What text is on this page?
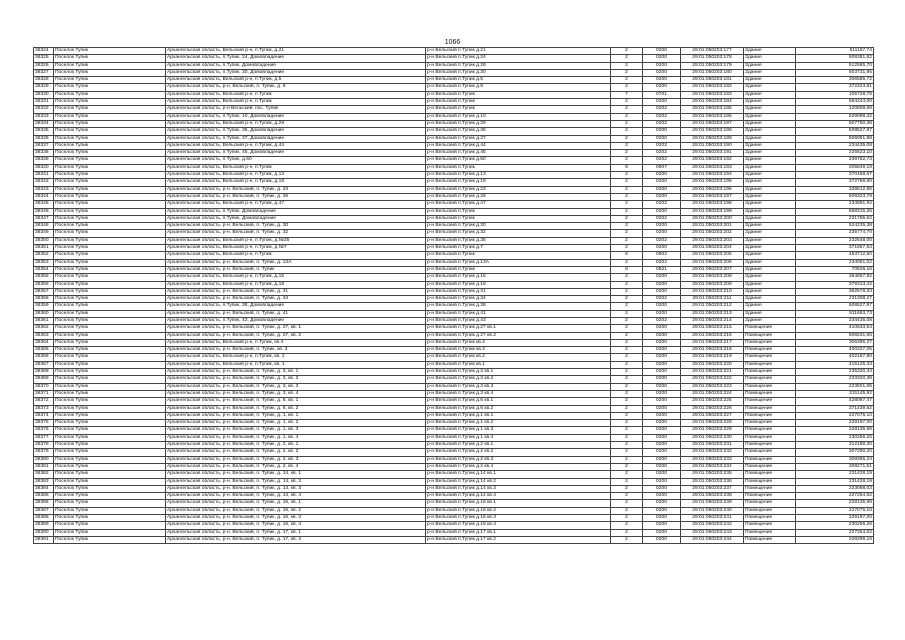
1066
38324	Поселок Тупик	Архангельская область, Вельский р-н, п.Тупик, д.21	р-н Вельский п.Тупик д.21	2	0200	29:01:050203:177	Здание	511187,74
38325	Поселок Тупик	Архангельская область, п.Тупик, 24, Домовладение	р-н Вельский п.Тупик д.24	2	0200	29:01:050203:178	Здание	508391,82
38326	Поселок Тупик	Архангельская область, п.Тупик, Домовладение	р-н Вельский п.Тупик д.28	2	0200	29:01:050203:179	Здание	512585,70
38327	Поселок Тупик	Архангельская область, п.Тупик, 30, Домовладение	р-н Вельский п.Тупик д.30	2	0200	29:01:050203:180	Здание	503731,95
38328	Поселок Тупик	Архангельская область, Вельский р-н, п.Тупик, д.5	р-н Вельский п.Тупик д.5	2	0200	29:01:050203:181	Здание	306585,72
38329	Поселок Тупик	Архангельская область, р-н. Вельский, п. Тупик, д. 9	р-н Вельский п.Тупик д.9	2	0200	29:01:050203:182	Здание	372323,81
38330	Поселок Тупик	Архангельская область, Вельский р-н, п.Тупик	р-н Вельский п.Тупик	7	0701	29:01:050203:183	Здание	105728,79
38331	Поселок Тупик	Архангельская область, Вельский р-н, п.Тупик	р-н Вельский п.Тупик	2	0200	29:01:050203:184	Здание	664244,00
38332	Поселок Тупик	Архангельская область, р-н Вельский, пос. Тупик	р-н Вельский п.Тупик	2	0202	29:01:050203:185	Здание	120808,68
38333	Поселок Тупик	Архангельская область, п.Тупик, 10, Домовладение	р-н Вельский п.Тупик д.10	2	0202	29:01:050203:186	Здание	529099,32
38334	Поселок Тупик	Архангельская область, Вельский р-н, п.Тупик, д.29	р-н Вельский п.Тупик д.29	2	0202	29:01:050203:187	Здание	507750,38
38335	Поселок Тупик	Архангельская область, п.Тупик, 36, Домовладение	р-н Вельский п.Тупик д.36	2	0200	29:01:050203:188	Здание	508527,87
38336	Поселок Тупик	Архангельская область, п.Тупик, 37, Домовладение	р-н Вельский п.Тупик д.37	2	0200	29:01:050203:189	Здание	506061,98
38337	Поселок Тупик	Архангельская область, Вельский р-н, п.Тупик, д.44	р-н Вельский п.Тупик д.44	2	0202	29:01:050203:190	Здание	234435,08
38338	Поселок Тупик	Архангельская область, п.Тупик, 45, Домовладение	р-н Вельский п.Тупик д.45	2	0202	29:01:050203:191	Здание	225523,10
38339	Поселок Тупик	Архангельская область, п.Тупик, д.50	р-н Вельский п.Тупик д.50	2	0202	29:01:050203:192	Здание	239762,73
38340	Поселок Тупик	Архангельская область, Вельский р-н, п.Тупик	р-н Вельский п.Тупик	9	0907	29:01:050203:193	Здание	205849,19
38341	Поселок Тупик	Архангельская область, Вельский р-н, п.Тупик, д.13	р-н Вельский п.Тупик д.13	2	0200	29:01:050203:194	Здание	370459,67
38342	Поселок Тупик	Архангельская область, Вельский р-н, п.Тупик, д.19	р-н Вельский п.Тупик д.19	2	0200	29:01:050203:195	Здание	372769,60
38343	Поселок Тупик	Архангельская область, р-н. Вельский, п. Тупик, д. 23	р-н Вельский п.Тупик д.23	2	0200	29:01:050203:196	Здание	339612,86
38344	Поселок Тупик	Архангельская область, р-н. Вельский, п. Тупик, д. 26	р-н Вельский п.Тупик д.26	2	0200	29:01:050203:197	Здание	509323,79
38345	Поселок Тупик	Архангельская область, Вельский р-н, п.Тупик, д.47	р-н Вельский п.Тупик д.47	2	0202	29:01:050203:198	Здание	234881,92
38346	Поселок Тупик	Архангельская область, п.Тупик, Домовладение	р-н Вельский п.Тупик	2	0200	29:01:050203:199	Здание	668315,25
38347	Поселок Тупик	Архангельская область, п.Тупик, Домовладение	р-н Вельский п.Тупик	2	0202	29:01:050203:200	Здание	231755,62
38348	Поселок Тупик	Архангельская область, р-н. Вельский, п. Тупик, д. 30	р-н Вельский п.Тупик д.30	2	0200	29:01:050203:201	Здание	524235,38
38349	Поселок Тупик	Архангельская область, р-н. Вельский, п. Тупик, д. 32	р-н Вельский п.Тупик д.32	2	0200	29:01:050203:202	Здание	235774,70
38350	Поселок Тупик	Архангельская область, Вельский р-н, п.Тупик, д.№35	р-н Вельский п.Тупик д.35	2	0202	29:01:050203:203	Здание	232648,00
38351	Поселок Тупик	Архангельская область, Вельский р-н, п.Тупик, д.№7	р-н Вельский п.Тупик д.7	2	0200	29:01:050203:204	Здание	371857,63
38352	Поселок Тупик	Архангельская область, Вельский р-н, п.Тупик	р-н Вельский п.Тупик	6	0602	29:01:050203:205	Здание	453712,50
38353	Поселок Тупик	Архангельская область, р-н. Вельский, п. Тупик, д. 13А	р-н Вельский п.Тупик д.13А	2	0202	29:01:050203:206	Здание	234061,02
38354	Поселок Тупик	Архангельская область, р-н. Вельский, п. Тупик	р-н Вельский п.Тупик	8	0821	29:01:050203:207	Здание	70826,16
38355	Поселок Тупик	Архангельская область, Вельский р-н, п.Тупик, д.15	р-н Вельский п.Тупик д.15	2	0200	29:01:050203:208	Здание	364857,82
38356	Поселок Тупик	Архангельская область, Вельский р-н, п.Тупик, д.18	р-н Вельский п.Тупик д.18	2	0200	29:01:050203:209	Здание	379313,42
38357	Поселок Тупик	Архангельская область, р-н. Вельский, п. Тупик, д. 31	р-н Вельский п.Тупик д.31	2	0200	29:01:050203:210	Здание	362576,33
38358	Поселок Тупик	Архангельская область, р-н. Вельский, п. Тупик, д. 34	р-н Вельский п.Тупик д.34	2	0202	29:01:050203:211	Здание	231308,27
38359	Поселок Тупик	Архангельская область, п.Тупик, 38, Домовладение	р-н Вельский п.Тупик д.38	2	0200	29:01:050203:212	Здание	508527,87
38360	Поселок Тупик	Архангельская область, р-н. Вельский, п. Тупик, д. 41	р-н Вельский п.Тупик д.41	2	0200	29:01:050203:213	Здание	511653,73
38361	Поселок Тупик	Архангельская область, п.Тупик, 43, Домовладение	р-н Вельский п.Тупик д.43	2	0202	29:01:050203:214	Здание	234435,08
38362	Поселок Тупик	Архангельская область, р-н. Вельский, п. Тупик, д. 27, кв. 1	р-н Вельский п.Тупик д.27 кв.1	2	0200	29:01:050203:215	Помещение	410633,54
38363	Поселок Тупик	Архангельская область, р-н. Вельский, п. Тупик, д. 27, кв. 2	р-н Вельский п.Тупик д.27 кв.2	2	0200	29:01:050203:216	Помещение	506531,66
38364	Поселок Тупик	Архангельская область, Вельский р-н, п.Тупик, кв.4	р-н Вельский п.Тупик кв.4	2	0200	29:01:050203:217	Помещение	306395,27
38365	Поселок Тупик	Архангельская область, р-н. Вельский, п. Тупик, кв. 3	р-н Вельский п.Тупик кв.3	2	0200	29:01:050203:218	Помещение	400327,05
38366	Поселок Тупик	Архангельская область, Вельский р-н, п.Тупик, кв. 2	р-н Вельский п.Тупик кв.2	2	0200	29:01:050203:219	Помещение	402187,80
38367	Поселок Тупик	Архангельская область, Вельский р-н, п.Тупик, кв. 1	р-н Вельский п.Тупик кв.1	2	0200	29:01:050203:220	Помещение	415125,33
38368	Поселок Тупик	Архангельская область, р-н. Вельский, п. Тупик, д. 3, кв. 1	р-н Вельский п.Тупик д.3 кв.1	2	0200	29:01:050203:221	Помещение	235320,34
38369	Поселок Тупик	Архангельская область, р-н. Вельский, п. Тупик, д. 3, кв. 2	р-н Вельский п.Тупик д.3 кв.2	2	0200	29:01:050203:222	Помещение	233320,38
38370	Поселок Тупик	Архангельская область, р-н. Вельский, п. Тупик, д. 3, кв. 3	р-н Вельский п.Тупик д.3 кв.3	2	0200	29:01:050203:223	Помещение	223801,06
38371	Поселок Тупик	Архангельская область, р-н. Вельский, п. Тупик, д. 3, кв. 4	р-н Вельский п.Тупик д.3 кв.4	2	0200	29:01:050203:224	Помещение	231145,92
38372	Поселок Тупик	Архангельская область, р-н. Вельский, п. Тупик, д. 6, кв. 1	р-н Вельский п.Тупик д.6 кв.1	2	0200	29:01:050203:225	Помещение	428087,47
38373	Поселок Тупик	Архангельская область, р-н. Вельский, п. Тупик, д. 6, кв. 2	р-н Вельский п.Тупик д.6 кв.2	2	0200	29:01:050203:226	Помещение	371439,52
38374	Поселок Тупик	Архангельская область, р-н. Вельский, п. Тупик, д. 1, кв. 1	р-н Вельский п.Тупик д.1 кв.1	2	0200	29:01:050203:227	Помещение	227075,10
38375	Поселок Тупик	Архангельская область, р-н. Вельский, п. Тупик, д. 1, кв. 2	р-н Вельский п.Тупик д.1 кв.2	2	0200	29:01:050203:228	Помещение	229197,00
38376	Поселок Тупик	Архангельская область, р-н. Вельский, п. Тупик, д. 1, кв. 3	р-н Вельский п.Тупик д.1 кв.3	2	0200	29:01:050203:229	Помещение	228135,98
38377	Поселок Тупик	Архангельская область, р-н. Вельский, п. Тупик, д. 1, кв. 4	р-н Вельский п.Тупик д.1 кв.4	2	0200	29:01:050203:230	Помещение	230256,26
38378	Поселок Тупик	Архангельская область, р-н. Вельский, п. Тупик, д. 2, кв. 1	р-н Вельский п.Тупик д.2 кв.1	2	0200	29:01:050203:231	Помещение	312189,30
38379	Поселок Тупик	Архангельская область, р-н. Вельский, п. Тупик, д. 2, кв. 2	р-н Вельский п.Тупик д.2 кв.2	2	0200	29:01:050203:232	Помещение	307290,20
38380	Поселок Тупик	Архангельская область, р-н. Вельский, п. Тупик, д. 2, кв. 3	р-н Вельский п.Тупик д.2 кв.3	2	0200	29:01:050203:233	Помещение	308365,24
38381	Поселок Тупик	Архангельская область, р-н. Вельский, п. Тупик, д. 2, кв. 4	р-н Вельский п.Тупик д.2 кв.4	2	0200	29:01:050203:234	Помещение	308271,51
38382	Поселок Тупик	Архангельская область, р-н. Вельский, п. Тупик, д. 14, кв. 1	р-н Вельский п.Тупик д.14 кв.1	2	0200	29:01:050203:235	Помещение	231428,19
38383	Поселок Тупик	Архангельская область, р-н. Вельский, п. Тупик, д. 14, кв. 2	р-н Вельский п.Тупик д.14 кв.2	2	0200	29:01:050203:236	Помещение	231428,19
38384	Поселок Тупик	Архангельская область, р-н. Вельский, п. Тупик, д. 14, кв. 3	р-н Вельский п.Тупик д.14 кв.3	2	0200	29:01:050203:237	Помещение	223068,03
38385	Поселок Тупик	Архангельская область, р-н. Вельский, п. Тупик, д. 14, кв. 4	р-н Вельский п.Тупик д.14 кв.4	2	0200	29:01:050203:238	Помещение	227254,62
38386	Поселок Тупик	Архангельская область, р-н. Вельский, п. Тупик, д. 16, кв. 1	р-н Вельский п.Тупик д.16 кв.1	2	0200	29:01:050203:239	Помещение	228135,98
38387	Поселок Тупик	Архангельская область, р-н. Вельский, п. Тупик, д. 16, кв. 2	р-н Вельский п.Тупик д.16 кв.2	2	0200	29:01:050203:240	Помещение	227075,10
38388	Поселок Тупик	Архангельская область, р-н. Вельский, п. Тупик, д. 16, кв. 3	р-н Вельский п.Тупик д.16 кв.3	2	0200	29:01:050203:241	Помещение	229197,00
38389	Поселок Тупик	Архангельская область, р-н. Вельский, п. Тупик, д. 16, кв. 4	р-н Вельский п.Тупик д.16 кв.4	2	0200	29:01:050203:242	Помещение	230256,26
38390	Поселок Тупик	Архангельская область, р-н. Вельский, п. Тупик, д. 17, кв. 1	р-н Вельский п.Тупик д.17 кв.1	2	0200	29:01:050203:243	Помещение	227254,62
38391	Поселок Тупик	Архангельская область, р-н. Вельский, п. Тупик, д. 17, кв. 2	р-н Вельский п.Тупик д.17 кв.2	2	0200	29:01:050203:244	Помещение	228299,16
